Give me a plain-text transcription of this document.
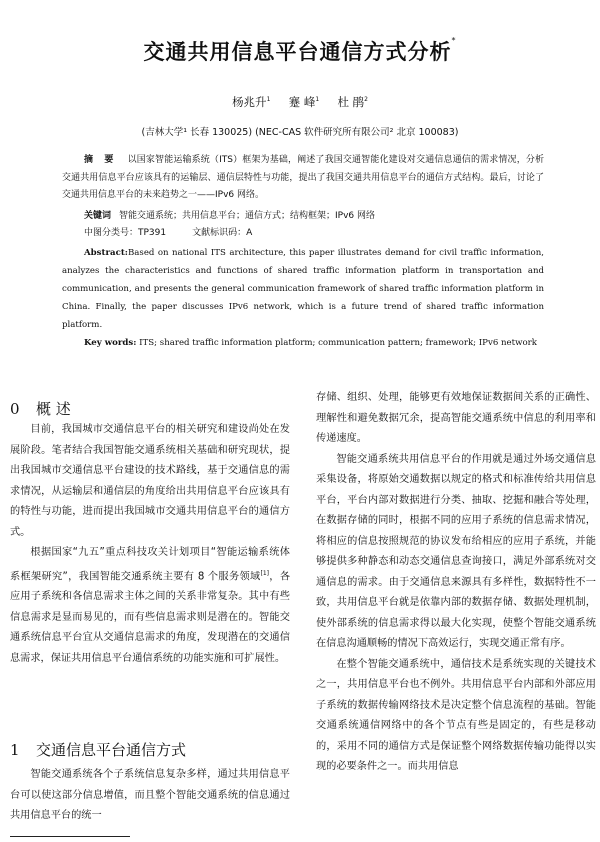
交通共用信息平台通信方式分析*
杨兆升$^1$ 蹇 峰$^1$ 杜 鹃$^2$
(吉林大学¹ 长春 130025) (NEC-CAS 软件研究所有限公司² 北京 100083)
摘 要 以国家智能运输系统（ITS）框架为基础，阐述了我国交通智能化建设对交通信息通信的需求情况，分析交通共用信息平台应该具有的运输层、通信层特性与功能，提出了我国交通共用信息平台的通信方式结构。最后，讨论了交通共用信息平台的未来趋势之一——IPv6 网络。
关键词 智能交通系统；共用信息平台；通信方式；结构框架；IPv6 网络
中图分类号：TP391	文献标识码：A
Abstract:Based on national ITS architecture, this paper illustrates demand for civil traffic information, analyzes the characteristics and functions of shared traffic information platform in transportation and communication, and presents the general communication framework of shared traffic information platform in China. Finally, the paper discusses IPv6 network, which is a future trend of shared traffic information platform.
Key words: ITS; shared traffic information platform; communication pattern; framework; IPv6 network
0 概 述

目前，我国城市交通信息平台的相关研究和建设尚处在发展阶段。笔者结合我国智能交通系统相关基础和研究现状，提出我国城市交通信息平台建设的技术路线，基于交通信息的需求情况，从运输层和通信层的角度给出共用信息平台应该具有的特性与功能，进而提出我国城市交通共用信息平台的通信方式。

根据国家“九五”重点科技攻关计划项目“智能运输系统体系框架研究”，我国智能交通系统主要有 8 个服务领域[1]，各应用子系统和各信息需求主体之间的关系非常复杂。其中有些信息需求是显而易见的，而有些信息需求则是潜在的。智能交通系统信息平台宜从交通信息需求的角度，发现潜在的交通信息需求，保证共用信息平台通信系统的功能实施和可扩展性。

1 交通信息平台通信方式

智能交通系统各个子系统信息复杂多样，通过共用信息平台可以使这部分信息增值，而且整个智能交通系统的信息通过共用信息平台的统一

存储、组织、处理，能够更有效地保证数据间关系的正确性、理解性和避免数据冗余，提高智能交通系统中信息的利用率和传递速度。

智能交通系统共用信息平台的作用就是通过外场交通信息采集设备，将原始交通数据以规定的格式和标准传给共用信息平台，平台内部对数据进行分类、抽取、挖掘和融合等处理，在数据存储的同时，根据不同的应用子系统的信息需求情况，将相应的信息按照规范的协议发布给相应的应用子系统，并能够提供多种静态和动态交通信息查询接口，满足外部系统对交通信息的需求。由于交通信息来源具有多样性，数据特性不一致，共用信息平台就是依靠内部的数据存储、数据处理机制，使外部系统的信息需求得以最大化实现，使整个智能交通系统在信息沟通顺畅的情况下高效运行，实现交通正常有序。

在整个智能交通系统中，通信技术是系统实现的关键技术之一，共用信息平台也不例外。共用信息平台内部和外部应用子系统的数据传输网络技术是决定整个信息流程的基础。智能交通系统通信网络中的各个节点有些是固定的，有些是移动的，采用不同的通信方式是保证整个网络数据传输功能得以实现的必要条件之一。而共用信息
